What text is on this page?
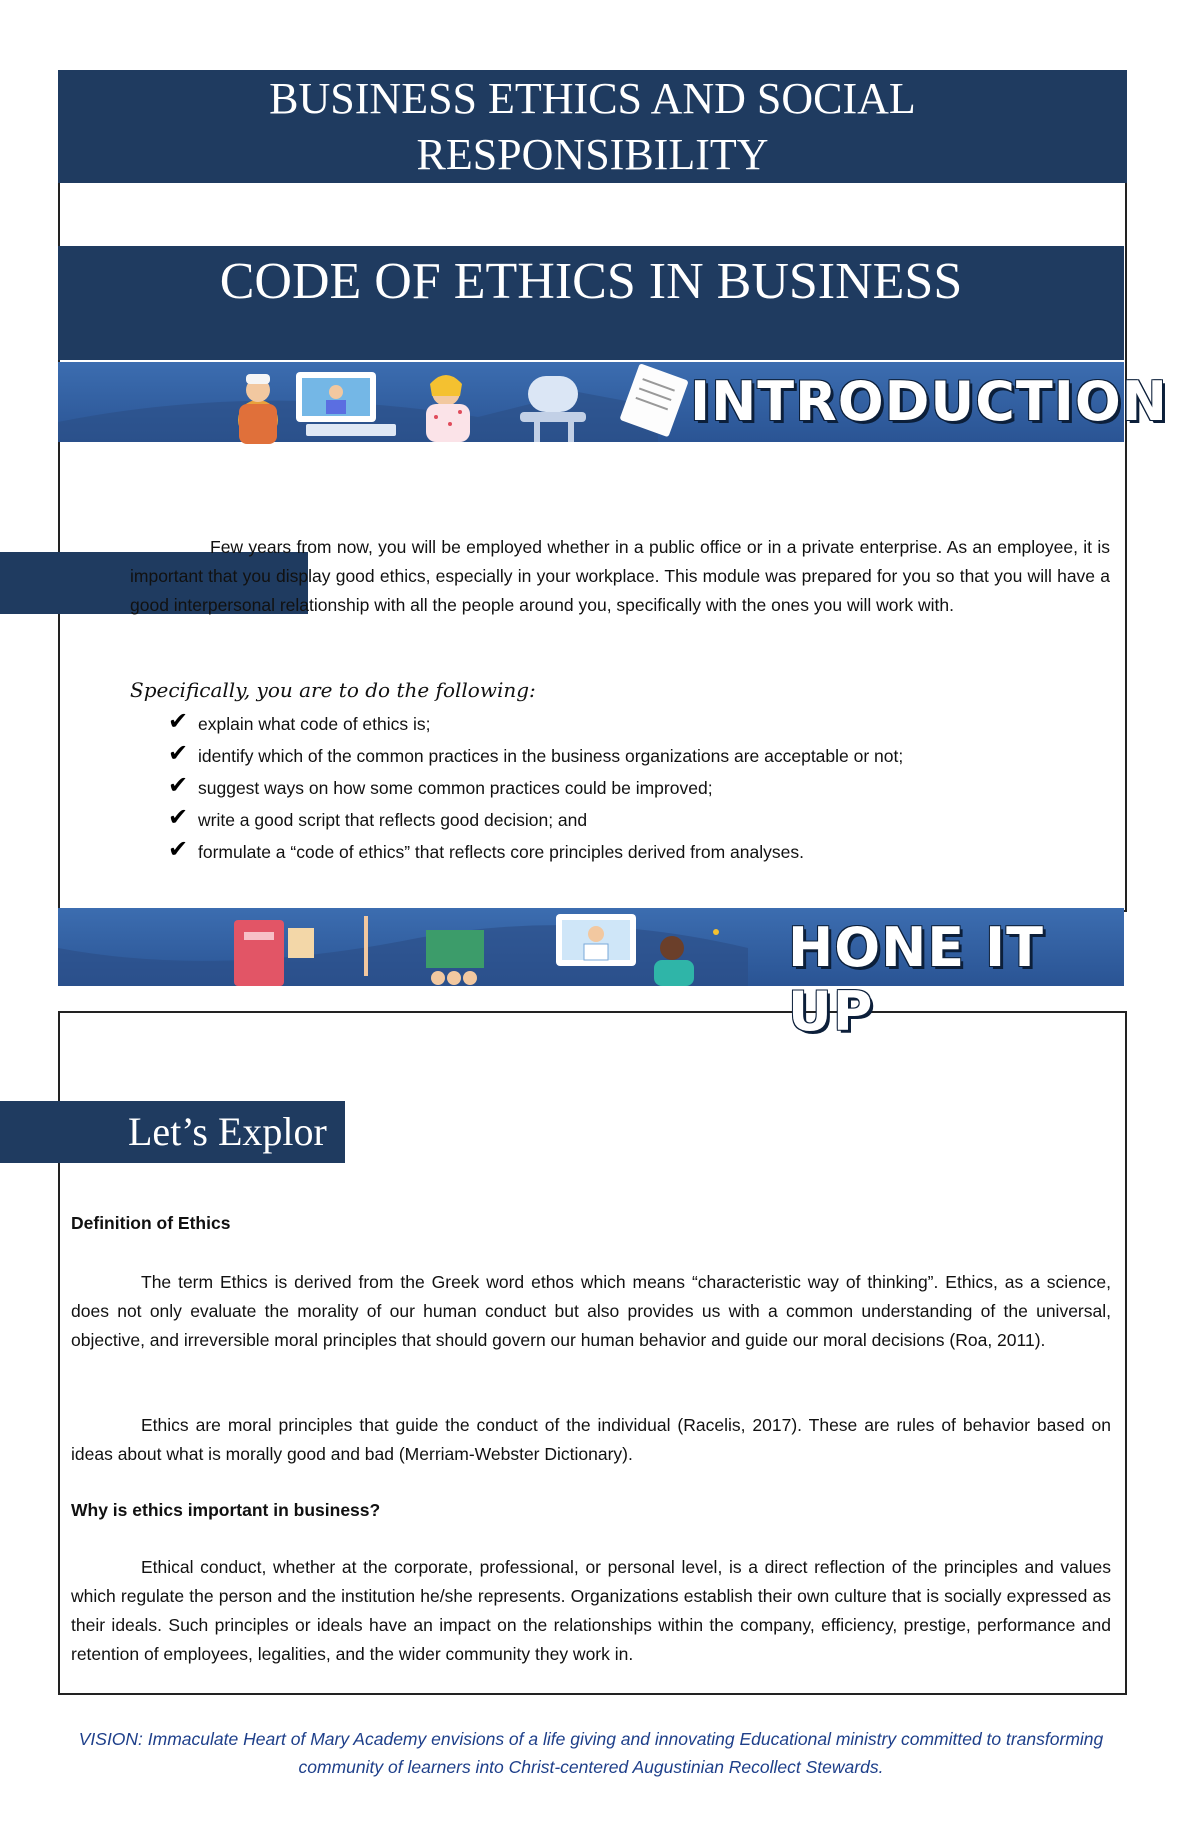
BUSINESS ETHICS AND SOCIAL RESPONSIBILITY
CODE OF ETHICS IN BUSINESS
INTRODUCTION
Few years from now, you will be employed whether in a public office or in a private enterprise. As an employee, it is important that you display good ethics, especially in your workplace. This module was prepared for you so that you will have a good interpersonal relationship with all the people around you, specifically with the ones you will work with.
Specifically, you are to do the following:
✔ explain what code of ethics is;
✔ identify which of the common practices in the business organizations are acceptable or not;
✔ suggest ways on how some common practices could be improved;
✔ write a good script that reflects good decision; and
✔ formulate a “code of ethics” that reflects core principles derived from analyses.
HONE IT UP
Let’s Explor
Definition of Ethics
The term Ethics is derived from the Greek word ethos which means “characteristic way of thinking”. Ethics, as a science, does not only evaluate the morality of our human conduct but also provides us with a common understanding of the universal, objective, and irreversible moral principles that should govern our human behavior and guide our moral decisions (Roa, 2011).
Ethics are moral principles that guide the conduct of the individual (Racelis, 2017). These are rules of behavior based on ideas about what is morally good and bad (Merriam-Webster Dictionary).
Why is ethics important in business?
Ethical conduct, whether at the corporate, professional, or personal level, is a direct reflection of the principles and values which regulate the person and the institution he/she represents. Organizations establish their own culture that is socially expressed as their ideals. Such principles or ideals have an impact on the relationships within the company, efficiency, prestige, performance and retention of employees, legalities, and the wider community they work in.
VISION: Immaculate Heart of Mary Academy envisions of a life giving and innovating Educational ministry committed to transforming community of learners into Christ-centered Augustinian Recollect Stewards.
